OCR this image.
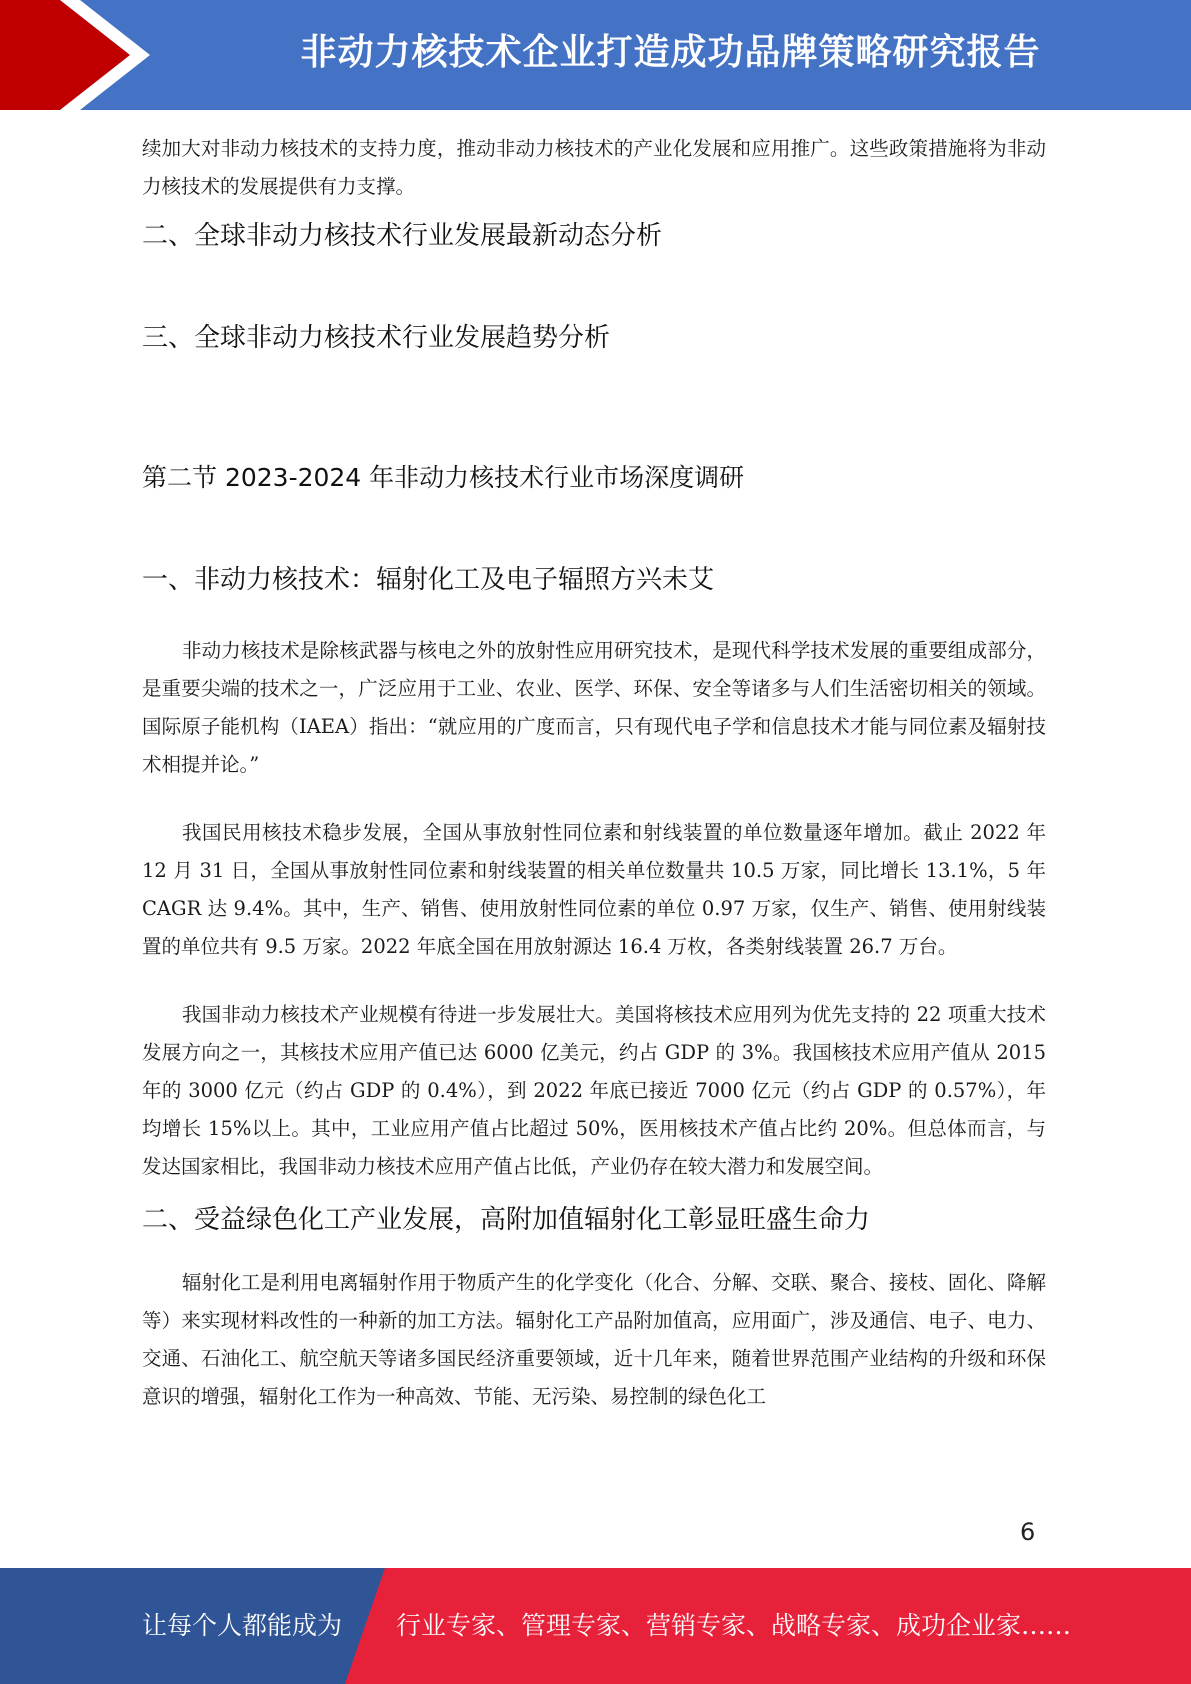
非动力核技术企业打造成功品牌策略研究报告

续加大对非动力核技术的支持力度，推动非动力核技术的产业化发展和应用推广。这些政策措施将为非动力核技术的发展提供有力支撑。

二、全球非动力核技术行业发展最新动态分析
三、全球非动力核技术行业发展趋势分析
第二节 2023-2024 年非动力核技术行业市场深度调研
一、非动力核技术：辐射化工及电子辐照方兴未艾

非动力核技术是除核武器与核电之外的放射性应用研究技术，是现代科学技术发展的重要组成部分，是重要尖端的技术之一，广泛应用于工业、农业、医学、环保、安全等诸多与人们生活密切相关的领域。国际原子能机构（IAEA）指出：“就应用的广度而言，只有现代电子学和信息技术才能与同位素及辐射技术相提并论。”

我国民用核技术稳步发展，全国从事放射性同位素和射线装置的单位数量逐年增加。截止 2022 年 12 月 31 日，全国从事放射性同位素和射线装置的相关单位数量共 10.5 万家，同比增长 13.1%，5 年 CAGR 达 9.4%。其中，生产、销售、使用放射性同位素的单位 0.97 万家，仅生产、销售、使用射线装置的单位共有 9.5 万家。2022 年底全国在用放射源达 16.4 万枚，各类射线装置 26.7 万台。

我国非动力核技术产业规模有待进一步发展壮大。美国将核技术应用列为优先支持的 22 项重大技术发展方向之一，其核技术应用产值已达 6000 亿美元，约占 GDP 的 3%。我国核技术应用产值从 2015 年的 3000 亿元（约占 GDP 的 0.4%），到 2022 年底已接近 7000 亿元（约占 GDP 的 0.57%），年均增长 15%以上。其中，工业应用产值占比超过 50%，医用核技术产值占比约 20%。但总体而言，与发达国家相比，我国非动力核技术应用产值占比低，产业仍存在较大潜力和发展空间。

二、受益绿色化工产业发展，高附加值辐射化工彰显旺盛生命力

辐射化工是利用电离辐射作用于物质产生的化学变化（化合、分解、交联、聚合、接枝、固化、降解等）来实现材料改性的一种新的加工方法。辐射化工产品附加值高，应用面广，涉及通信、电子、电力、交通、石油化工、航空航天等诸多国民经济重要领域，近十几年来，随着世界范围产业结构的升级和环保意识的增强，辐射化工作为一种高效、节能、无污染、易控制的绿色化工

6
让每个人都能成为 行业专家、管理专家、营销专家、战略专家、成功企业家……
